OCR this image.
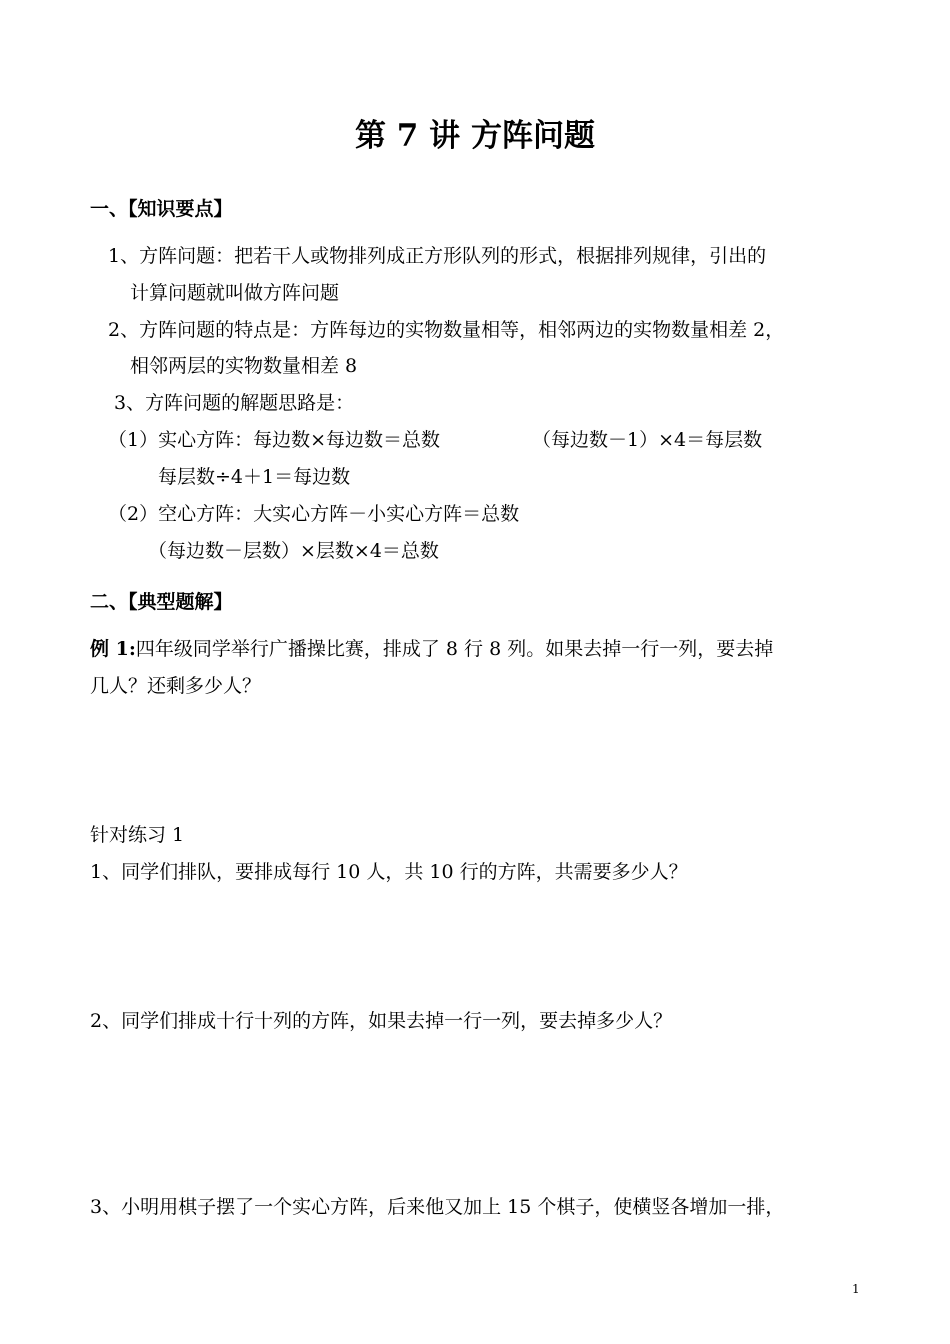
第 7 讲 方阵问题
一、【知识要点】
1、方阵问题：把若干人或物排列成正方形队列的形式，根据排列规律，引出的
计算问题就叫做方阵问题
2、方阵问题的特点是：方阵每边的实物数量相等，相邻两边的实物数量相差 2，
相邻两层的实物数量相差 8
3、方阵问题的解题思路是：
（1）实心方阵：每边数×每边数＝总数	（每边数－1）×4＝每层数
每层数÷4＋1＝每边数
（2）空心方阵：大实心方阵－小实心方阵＝总数
（每边数－层数）×层数×4＝总数
二、【典型题解】
例 1:四年级同学举行广播操比赛，排成了 8 行 8 列。如果去掉一行一列，要去掉
几人？还剩多少人？
针对练习 1
1、同学们排队，要排成每行 10 人，共 10 行的方阵，共需要多少人？
2、同学们排成十行十列的方阵，如果去掉一行一列，要去掉多少人？
3、小明用棋子摆了一个实心方阵，后来他又加上 15 个棋子，使横竖各增加一排，
1
